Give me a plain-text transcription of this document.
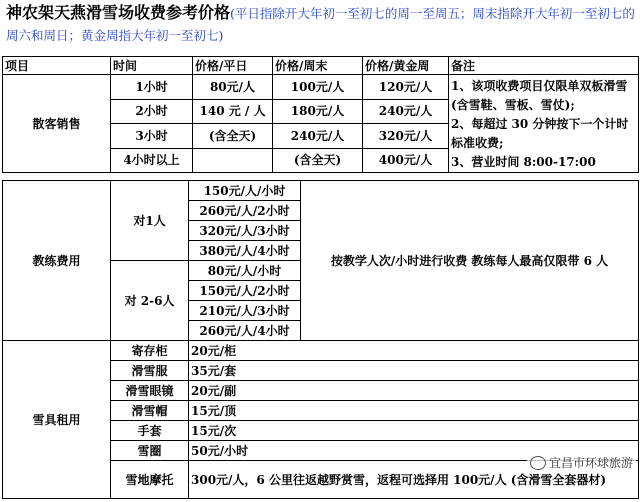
神农架天燕滑雪场收费参考价格(平日指除开大年初一至初七的周一至周五；周末指除开大年初一至初七的周六和周日；黄金周指大年初一至初七)
项目	时间	价格/平日	价格/周末	价格/黄金周	备注
散客销售	1小时	80元/人	100元/人	120元/人	1、该项收费项目仅限单双板滑雪(含雪鞋、雪板、雪仗);
2、每超过 30 分钟按下一个计时标准收费;
3、营业时间 8:00-17:00

	2小时	140 元 / 人	180元/人	240元/人	
	3小时	(含全天)	240元/人	320元/人	
	4小时以上		(含全天)	400元/人	
教练费用	对1人	150元/人/小时	按教学人次/小时进行收费 教练每人最高仅限带 6 人
		260元/人/2小时	
		320元/人/3小时	
		380元/人/4小时	
	对 2-6人	80元/人/小时	
		150元/人/2小时	
		210元/人/3小时	
		260元/人/4小时	
雪具租用	寄存柜	20元/柜
	滑雪服	35元/套
	滑雪眼镜	20元/副
	滑雪帽	15元/顶
	手套	15元/次
	雪圈	50元/小时
	雪地摩托	300元/人，6 公里往返越野赏雪，返程可选择用 100元/人 (含滑雪全套器材)
宜昌市环球旅游
